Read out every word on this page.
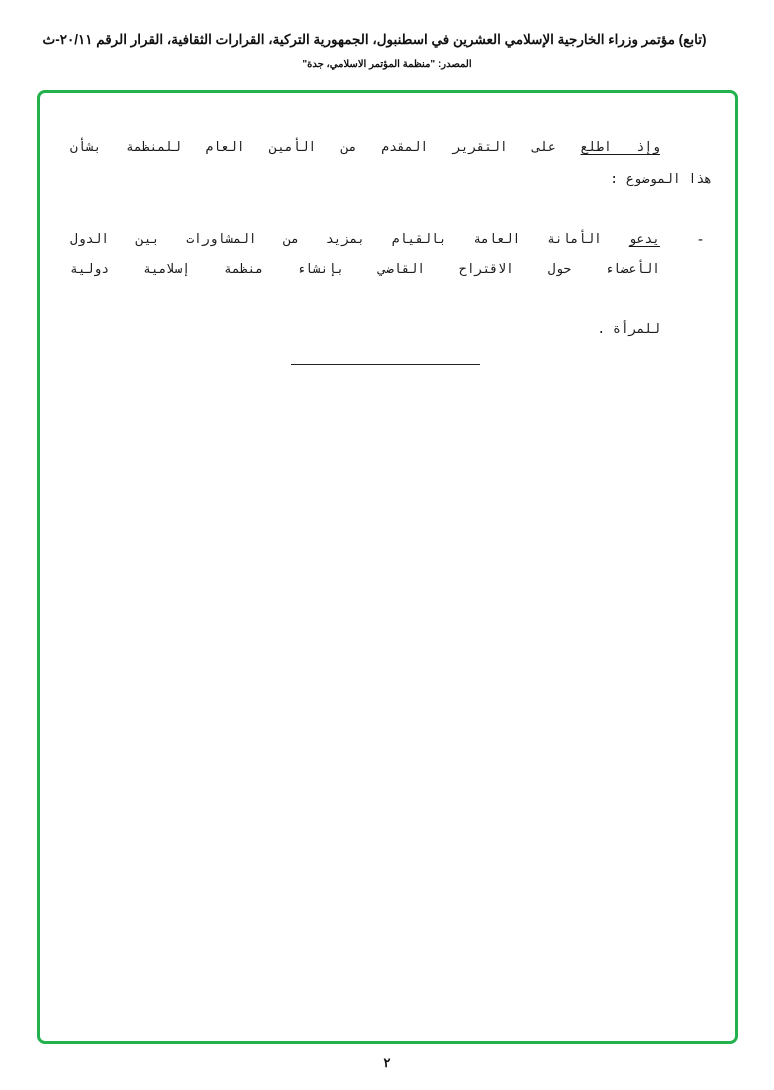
(تابع) مؤتمر وزراء الخارجية الإسلامي العشرين في اسطنبول، الجمهورية التركية، القرارات الثقافية، القرار الرقم ٢٠/١١-ث
المصدر: "منظمة المؤتمر الاسلامي، جدة"
وإذ اطلع على التقرير المقدم من الأمين العام للمنظمة بشأن
هذا الموضوع :
-
يدعو الأمانة العامة بالقيام بمزيد من المشاورات بين الدول
الأعضاء حول الاقتراح القاضي بإنشاء منظمة إسلامية دولية
للمرأة .
٢
